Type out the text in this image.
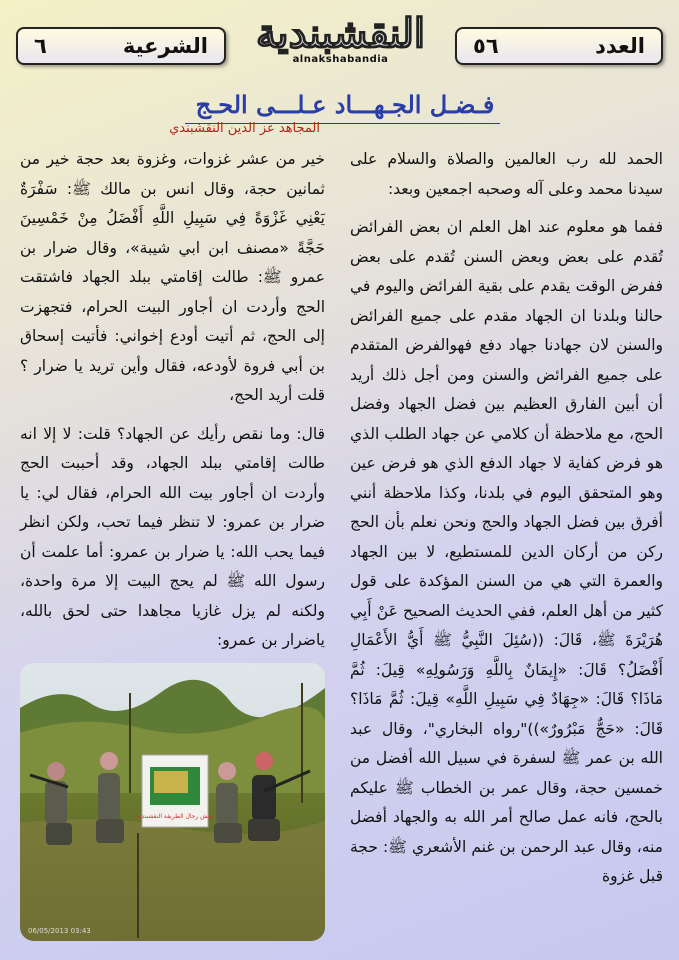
الشرعية
٦	النقشبندية
alnakshabandia
العدد
٥٦
فـضـل الجـهـــاد عـلـــى الحـج
المجاهد عز الدين النقشبندي

الحمد لله رب العالمين والصلاة والسلام على سيدنا محمد وعلى آله وصحبه اجمعين وبعد:

ففما هو معلوم عند اهل العلم ان بعض الفرائض تُقدم على بعض وبعض السنن تُقدم على بعض ففرض الوقت يقدم على بقية الفرائض واليوم في حالنا وبلدنا ان الجهاد مقدم على جميع الفرائض والسنن لان جهادنا جهاد دفع فهوالفرض المتقدم على جميع الفرائض والسنن ومن أجل ذلك أريد أن أبين الفارق العظيم بين فضل الجهاد وفضل الحج، مع ملاحظة أن كلامي عن جهاد الطلب الذي هو فرض كفاية لا جهاد الدفع الذي هو فرض عين وهو المتحقق اليوم في بلدنا، وكذا ملاحظة أنني أفرق بين فضل الجهاد والحج ونحن نعلم بأن الحج ركن من أركان الدين للمستطيع، لا بين الجهاد والعمرة التي هي من السنن المؤكدة على قول كثير من أهل العلم، ففي الحديث الصحيح عَنْ أَبِي هُرَيْرَةَ ﷺ، قَالَ: ((سُئِلَ النَّبِيُّ ﷺ أَيُّ الأَعْمَالِ أَفْضَلُ؟ قَالَ: «إِيمَانٌ بِاللَّهِ وَرَسُولِهِ» قِيلَ: ثُمَّ مَاذَا؟ قَالَ: «جِهَادٌ فِي سَبِيلِ اللَّهِ» قِيلَ: ثُمَّ مَاذَا؟ قَالَ: «حَجٌّ مَبْرُورٌ»))"رواه البخاري"، وقال عبد الله بن عمر ﷺ لسفرة في سبيل الله أفضل من خمسين حجة، وقال عمر بن الخطاب ﷺ عليكم بالحج، فانه عمل صالح أمر الله به والجهاد أفضل منه، وقال عبد الرحمن بن غنم الأشعري ﷺ: حجة قبل غزوة

خير من عشر غزوات، وغزوة بعد حجة خير من ثمانين حجة، وقال انس بن مالك ﷺ: سَفْرَةٌ يَعْنِي غَزْوَةً فِي سَبِيلِ اللَّهِ أَفْضَلُ مِنْ خَمْسِينَ حَجَّةً «مصنف ابن ابي شيبة»، وقال ضرار بن عمرو ﷺ: طالت إقامتي ببلد الجهاد فاشتقت الحج وأردت ان أجاور البيت الحرام، فتجهزت إلى الحج، ثم أتيت أودع إخواني: فأتيت إسحاق بن أبي فروة لأودعه، فقال وأين تريد يا ضرار ؟ قلت أريد الحج،

قال: وما نقص رأيك عن الجهاد؟ قلت: لا إلا انه طالت إقامتي ببلد الجهاد، وقد أحببت الحج وأردت ان أجاور بيت الله الحرام، فقال لي: يا ضرار بن عمرو: لا تنظر فيما تحب، ولكن انظر فيما يحب الله: يا ضرار بن عمرو: أما علمت أن رسول الله ﷺ لم يحج البيت إلا مرة واحدة، ولكنه لم يزل غازيا مجاهدا حتى لحق بالله، ياضرار بن عمرو:

جيش رجال الطريقة النقشبندية
06/05/2013 03:43
